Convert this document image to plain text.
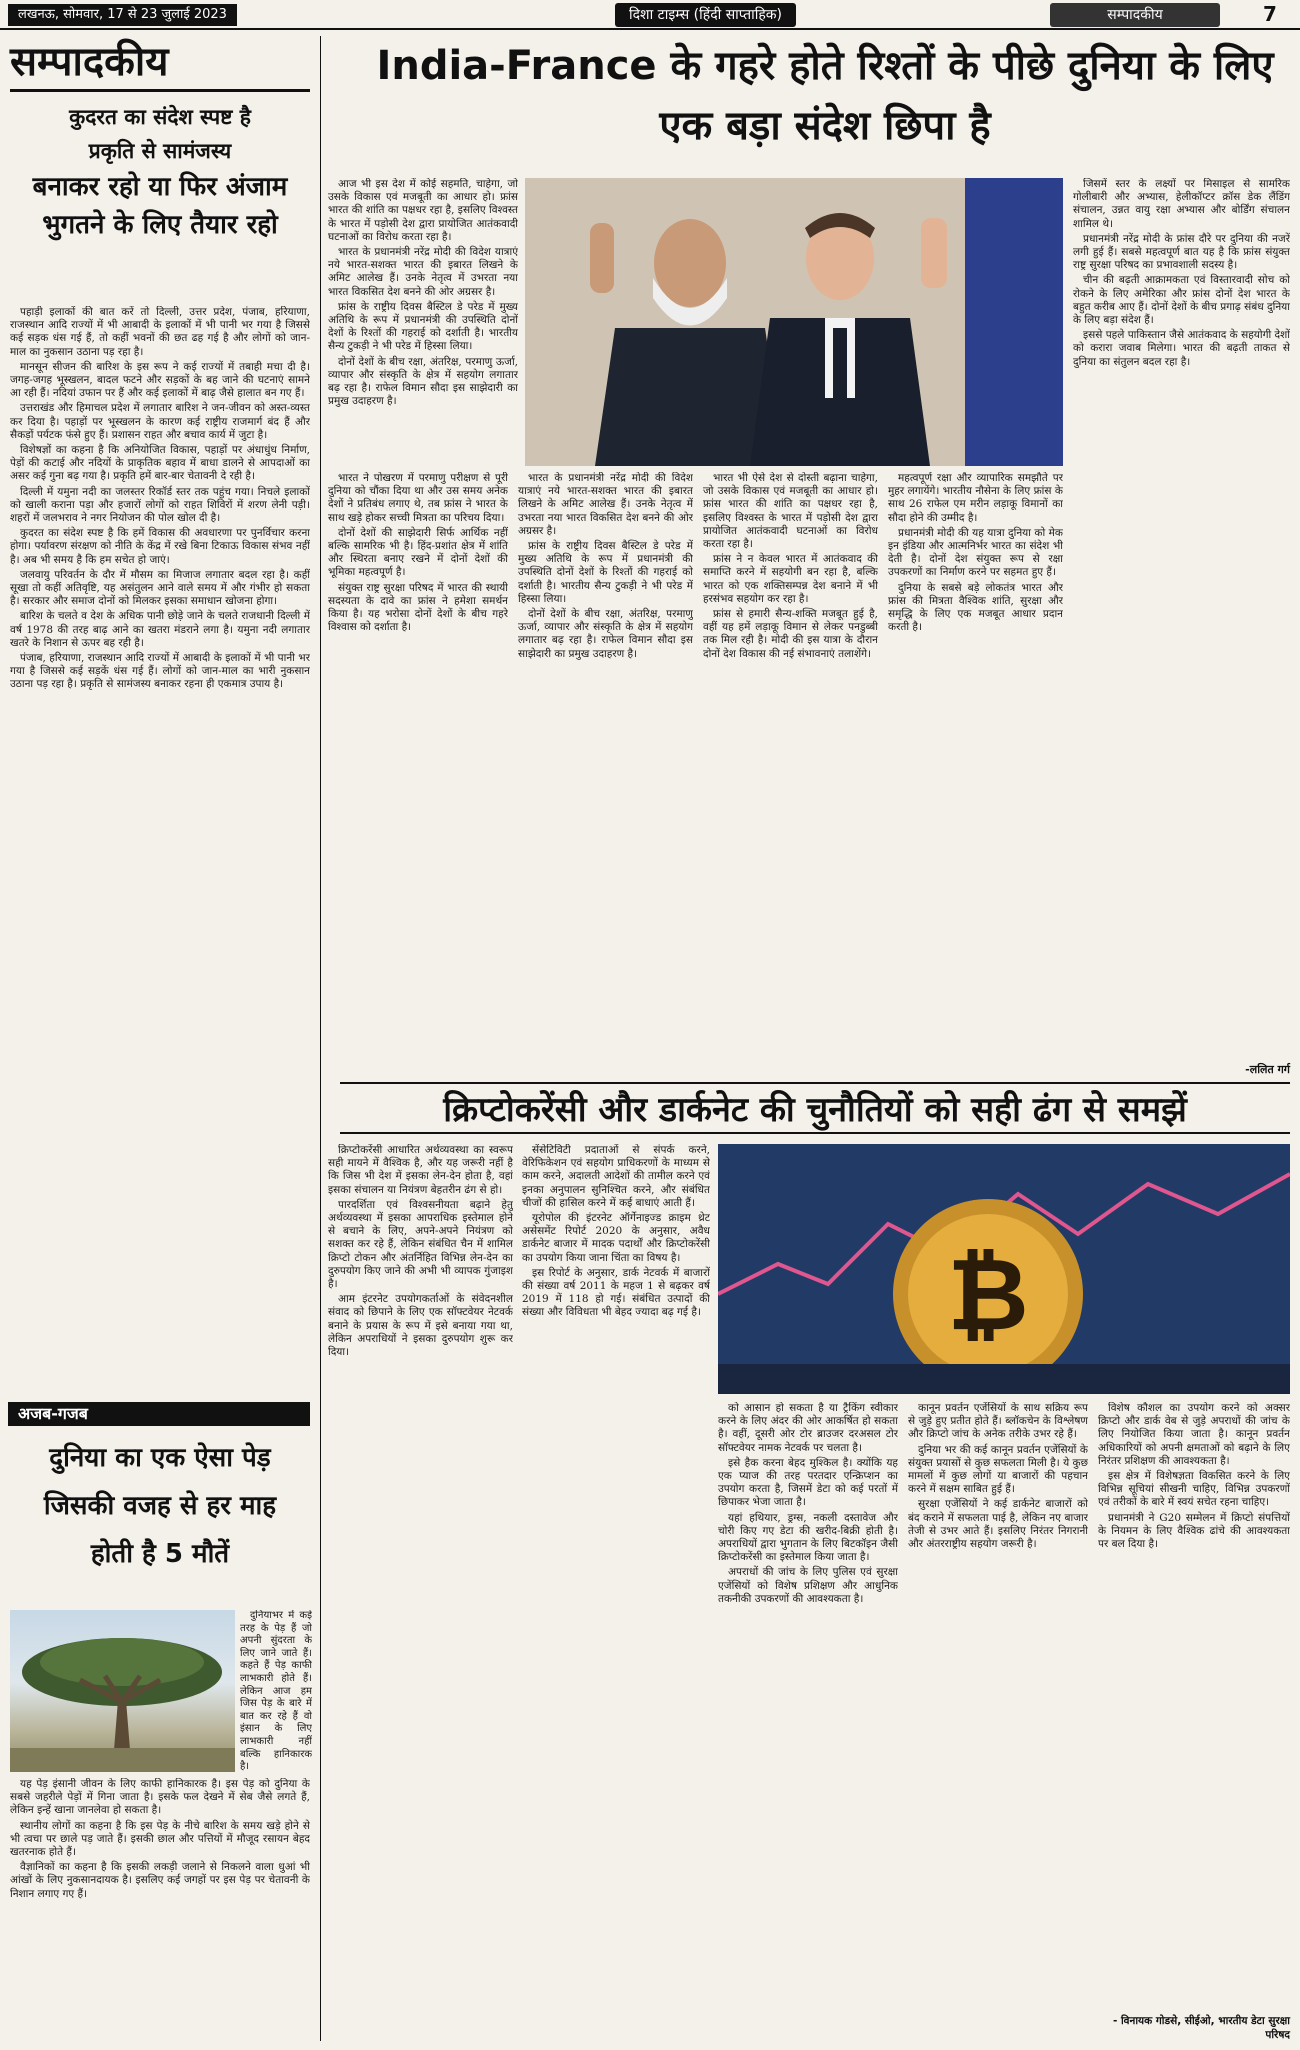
लखनऊ, सोमवार, 17 से 23 जुलाई 2023	दिशा टाइम्स (हिंदी साप्ताहिक)	सम्पादकीय	7
सम्पादकीय
कुदरत का संदेश स्पष्ट है
प्रकृति से सामंजस्य
बनाकर रहो या फिर अंजाम
भुगतने के लिए तैयार रहो

पहाड़ी इलाकों की बात करें तो दिल्ली, उत्तर प्रदेश, पंजाब, हरियाणा, राजस्थान आदि राज्यों में भी आबादी के इलाकों में भी पानी भर गया है जिससे कई सड़क धंस गई हैं, तो कहीं भवनों की छत ढह गई है और लोगों को जान-माल का नुकसान उठाना पड़ रहा है।

मानसून सीजन की बारिश के इस रूप ने कई राज्यों में तबाही मचा दी है। जगह-जगह भूस्खलन, बादल फटने और सड़कों के बह जाने की घटनाएं सामने आ रही हैं। नदियां उफान पर हैं और कई इलाकों में बाढ़ जैसे हालात बन गए हैं।

उत्तराखंड और हिमाचल प्रदेश में लगातार बारिश ने जन-जीवन को अस्त-व्यस्त कर दिया है। पहाड़ों पर भूस्खलन के कारण कई राष्ट्रीय राजमार्ग बंद हैं और सैकड़ों पर्यटक फंसे हुए हैं। प्रशासन राहत और बचाव कार्य में जुटा है।

विशेषज्ञों का कहना है कि अनियोजित विकास, पहाड़ों पर अंधाधुंध निर्माण, पेड़ों की कटाई और नदियों के प्राकृतिक बहाव में बाधा डालने से आपदाओं का असर कई गुना बढ़ गया है। प्रकृति हमें बार-बार चेतावनी दे रही है।

दिल्ली में यमुना नदी का जलस्तर रिकॉर्ड स्तर तक पहुंच गया। निचले इलाकों को खाली कराना पड़ा और हजारों लोगों को राहत शिविरों में शरण लेनी पड़ी। शहरों में जलभराव ने नगर नियोजन की पोल खोल दी है।

कुदरत का संदेश स्पष्ट है कि हमें विकास की अवधारणा पर पुनर्विचार करना होगा। पर्यावरण संरक्षण को नीति के केंद्र में रखे बिना टिकाऊ विकास संभव नहीं है। अब भी समय है कि हम सचेत हो जाएं।

जलवायु परिवर्तन के दौर में मौसम का मिजाज लगातार बदल रहा है। कहीं सूखा तो कहीं अतिवृष्टि, यह असंतुलन आने वाले समय में और गंभीर हो सकता है। सरकार और समाज दोनों को मिलकर इसका समाधान खोजना होगा।

बारिश के चलते व देश के अधिक पानी छोड़े जाने के चलते राजधानी दिल्ली में वर्ष 1978 की तरह बाढ़ आने का खतरा मंडराने लगा है। यमुना नदी लगातार खतरे के निशान से ऊपर बह रही है।

पंजाब, हरियाणा, राजस्थान आदि राज्यों में आबादी के इलाकों में भी पानी भर गया है जिससे कई सड़कें धंस गई हैं। लोगों को जान-माल का भारी नुकसान उठाना पड़ रहा है। प्रकृति से सामंजस्य बनाकर रहना ही एकमात्र उपाय है।

अजब-गजब
दुनिया का एक ऐसा पेड़
जिसकी वजह से हर माह
होती है 5 मौतें

दुनियाभर में कई तरह के पेड़ हैं जो अपनी सुंदरता के लिए जाने जाते हैं। कहते हैं पेड़ काफी लाभकारी होते हैं। लेकिन आज हम जिस पेड़ के बारे में बात कर रहे हैं वो इंसान के लिए लाभकारी नहीं बल्कि हानिकारक है।

यह पेड़ इंसानी जीवन के लिए काफी हानिकारक है। इस पेड़ को दुनिया के सबसे जहरीले पेड़ों में गिना जाता है। इसके फल देखने में सेब जैसे लगते हैं, लेकिन इन्हें खाना जानलेवा हो सकता है।

स्थानीय लोगों का कहना है कि इस पेड़ के नीचे बारिश के समय खड़े होने से भी त्वचा पर छाले पड़ जाते हैं। इसकी छाल और पत्तियों में मौजूद रसायन बेहद खतरनाक होते हैं।

वैज्ञानिकों का कहना है कि इसकी लकड़ी जलाने से निकलने वाला धुआं भी आंखों के लिए नुकसानदायक है। इसलिए कई जगहों पर इस पेड़ पर चेतावनी के निशान लगाए गए हैं।

India-France के गहरे होते रिश्तों के पीछे दुनिया के लिए एक बड़ा संदेश छिपा है

आज भी इस देश में कोई सहमति, चाहेगा, जो उसके विकास एवं मजबूती का आधार हो। फ्रांस भारत की शांति का पक्षधर रहा है, इसलिए विश्वस्त के भारत में पड़ोसी देश द्वारा प्रायोजित आतंकवादी घटनाओं का विरोध करता रहा है।

भारत के प्रधानमंत्री नरेंद्र मोदी की विदेश यात्राएं नये भारत-सशक्त भारत की इबारत लिखने के अमिट आलेख हैं। उनके नेतृत्व में उभरता नया भारत विकसित देश बनने की ओर अग्रसर है।

फ्रांस के राष्ट्रीय दिवस बैस्टिल डे परेड में मुख्य अतिथि के रूप में प्रधानमंत्री की उपस्थिति दोनों देशों के रिश्तों की गहराई को दर्शाती है। भारतीय सैन्य टुकड़ी ने भी परेड में हिस्सा लिया।

दोनों देशों के बीच रक्षा, अंतरिक्ष, परमाणु ऊर्जा, व्यापार और संस्कृति के क्षेत्र में सहयोग लगातार बढ़ रहा है। राफेल विमान सौदा इस साझेदारी का प्रमुख उदाहरण है।

जिसमें स्तर के लक्ष्यों पर मिसाइल से सामरिक गोलीबारी और अभ्यास, हेलीकॉप्टर क्रॉस डेक लैंडिंग संचालन, उन्नत वायु रक्षा अभ्यास और बोर्डिंग संचालन शामिल थे।

प्रधानमंत्री नरेंद्र मोदी के फ्रांस दौरे पर दुनिया की नजरें लगी हुई हैं। सबसे महत्वपूर्ण बात यह है कि फ्रांस संयुक्त राष्ट्र सुरक्षा परिषद का प्रभावशाली सदस्य है।

चीन की बढ़ती आक्रामकता एवं विस्तारवादी सोच को रोकने के लिए अमेरिका और फ्रांस दोनों देश भारत के बहुत करीब आए हैं। दोनों देशों के बीच प्रगाढ़ संबंध दुनिया के लिए बड़ा संदेश हैं।

इससे पहले पाकिस्तान जैसे आतंकवाद के सहयोगी देशों को करारा जवाब मिलेगा। भारत की बढ़ती ताकत से दुनिया का संतुलन बदल रहा है।

भारत ने पोखरण में परमाणु परीक्षण से पूरी दुनिया को चौंका दिया था और उस समय अनेक देशों ने प्रतिबंध लगाए थे, तब फ्रांस ने भारत के साथ खड़े होकर सच्ची मित्रता का परिचय दिया।

दोनों देशों की साझेदारी सिर्फ आर्थिक नहीं बल्कि सामरिक भी है। हिंद-प्रशांत क्षेत्र में शांति और स्थिरता बनाए रखने में दोनों देशों की भूमिका महत्वपूर्ण है।

संयुक्त राष्ट्र सुरक्षा परिषद में भारत की स्थायी सदस्यता के दावे का फ्रांस ने हमेशा समर्थन किया है। यह भरोसा दोनों देशों के बीच गहरे विश्वास को दर्शाता है।

भारत के प्रधानमंत्री नरेंद्र मोदी की विदेश यात्राएं नये भारत-सशक्त भारत की इबारत लिखने के अमिट आलेख हैं। उनके नेतृत्व में उभरता नया भारत विकसित देश बनने की ओर अग्रसर है।

फ्रांस के राष्ट्रीय दिवस बैस्टिल डे परेड में मुख्य अतिथि के रूप में प्रधानमंत्री की उपस्थिति दोनों देशों के रिश्तों की गहराई को दर्शाती है। भारतीय सैन्य टुकड़ी ने भी परेड में हिस्सा लिया।

दोनों देशों के बीच रक्षा, अंतरिक्ष, परमाणु ऊर्जा, व्यापार और संस्कृति के क्षेत्र में सहयोग लगातार बढ़ रहा है। राफेल विमान सौदा इस साझेदारी का प्रमुख उदाहरण है।

भारत भी ऐसे देश से दोस्ती बढ़ाना चाहेगा, जो उसके विकास एवं मजबूती का आधार हो। फ्रांस भारत की शांति का पक्षधर रहा है, इसलिए विश्वस्त के भारत में पड़ोसी देश द्वारा प्रायोजित आतंकवादी घटनाओं का विरोध करता रहा है।

फ्रांस ने न केवल भारत में आतंकवाद की समाप्ति करने में सहयोगी बन रहा है, बल्कि भारत को एक शक्तिसम्पन्न देश बनाने में भी हरसंभव सहयोग कर रहा है।

फ्रांस से हमारी सैन्य-शक्ति मजबूत हुई है, वहीं यह हमें लड़ाकू विमान से लेकर पनडुब्बी तक मिल रही है। मोदी की इस यात्रा के दौरान दोनों देश विकास की नई संभावनाएं तलाशेंगे।

महत्वपूर्ण रक्षा और व्यापारिक समझौते पर मुहर लगायेंगे। भारतीय नौसेना के लिए फ्रांस के साथ 26 राफेल एम मरीन लड़ाकू विमानों का सौदा होने की उम्मीद है।

प्रधानमंत्री मोदी की यह यात्रा दुनिया को मेक इन इंडिया और आत्मनिर्भर भारत का संदेश भी देती है। दोनों देश संयुक्त रूप से रक्षा उपकरणों का निर्माण करने पर सहमत हुए हैं।

दुनिया के सबसे बड़े लोकतंत्र भारत और फ्रांस की मित्रता वैश्विक शांति, सुरक्षा और समृद्धि के लिए एक मजबूत आधार प्रदान करती है।

-ललित गर्ग
क्रिप्टोकरेंसी और डार्कनेट की चुनौतियों को सही ढंग से समझें

क्रिप्टोकरेंसी आधारित अर्थव्यवस्था का स्वरूप सही मायने में वैश्विक है, और यह जरूरी नहीं है कि जिस भी देश में इसका लेन-देन होता है, वहां इसका संचालन या नियंत्रण बेहतरीन ढंग से हो।

पारदर्शिता एवं विश्वसनीयता बढ़ाने हेतु अर्थव्यवस्था में इसका आपराधिक इस्तेमाल होने से बचाने के लिए, अपने-अपने नियंत्रण को सशक्त कर रहे हैं, लेकिन संबंधित चैन में शामिल क्रिप्टो टोकन और अंतर्निहित विभिन्न लेन-देन का दुरुपयोग किए जाने की अभी भी व्यापक गुंजाइश है।

आम इंटरनेट उपयोगकर्ताओं के संवेदनशील संवाद को छिपाने के लिए एक सॉफ्टवेयर नेटवर्क बनाने के प्रयास के रूप में इसे बनाया गया था, लेकिन अपराधियों ने इसका दुरुपयोग शुरू कर दिया।

सेंसेटिविटी प्रदाताओं से संपर्क करने, वेरिफिकेशन एवं सहयोग प्राधिकरणों के माध्यम से काम करने, अदालती आदेशों की तामील करने एवं इनका अनुपालन सुनिश्चित करने, और संबंधित चीजों की हासिल करने में कई बाधाएं आती हैं।

यूरोपोल की इंटरनेट ऑर्गेनाइज्ड क्राइम थ्रेट असेसमेंट रिपोर्ट 2020 के अनुसार, अवैध डार्कनेट बाजार में मादक पदार्थों और क्रिप्टोकरेंसी का उपयोग किया जाना चिंता का विषय है।

इस रिपोर्ट के अनुसार, डार्क नेटवर्क में बाजारों की संख्या वर्ष 2011 के महज 1 से बढ़कर वर्ष 2019 में 118 हो गई। संबंधित उत्पादों की संख्या और विविधता भी बेहद ज्यादा बढ़ गई है। ₿

को आसान हो सकता है या ट्रैकिंग स्वीकार करने के लिए अंदर की ओर आकर्षित हो सकता है। वहीं, दूसरी ओर टोर ब्राउजर दरअसल टोर सॉफ्टवेयर नामक नेटवर्क पर चलता है।

इसे हैक करना बेहद मुश्किल है। क्योंकि यह एक प्याज की तरह परतदार एन्क्रिप्शन का उपयोग करता है, जिसमें डेटा को कई परतों में छिपाकर भेजा जाता है।

यहां हथियार, ड्रग्स, नकली दस्तावेज और चोरी किए गए डेटा की खरीद-बिक्री होती है। अपराधियों द्वारा भुगतान के लिए बिटकॉइन जैसी क्रिप्टोकरेंसी का इस्तेमाल किया जाता है।

अपराधों की जांच के लिए पुलिस एवं सुरक्षा एजेंसियों को विशेष प्रशिक्षण और आधुनिक तकनीकी उपकरणों की आवश्यकता है।

कानून प्रवर्तन एजेंसियों के साथ सक्रिय रूप से जुड़े हुए प्रतीत होते हैं। ब्लॉकचेन के विश्लेषण और क्रिप्टो जांच के अनेक तरीके उभर रहे हैं।

दुनिया भर की कई कानून प्रवर्तन एजेंसियों के संयुक्त प्रयासों से कुछ सफलता मिली है। ये कुछ मामलों में कुछ लोगों या बाजारों की पहचान करने में सक्षम साबित हुई हैं।

सुरक्षा एजेंसियों ने कई डार्कनेट बाजारों को बंद कराने में सफलता पाई है, लेकिन नए बाजार तेजी से उभर आते हैं। इसलिए निरंतर निगरानी और अंतरराष्ट्रीय सहयोग जरूरी है।

विशेष कौशल का उपयोग करने को अक्सर क्रिप्टो और डार्क वेब से जुड़े अपराधों की जांच के लिए नियोजित किया जाता है। कानून प्रवर्तन अधिकारियों को अपनी क्षमताओं को बढ़ाने के लिए निरंतर प्रशिक्षण की आवश्यकता है।

इस क्षेत्र में विशेषज्ञता विकसित करने के लिए विभिन्न सूचियां सीखनी चाहिए, विभिन्न उपकरणों एवं तरीकों के बारे में स्वयं सचेत रहना चाहिए।

प्रधानमंत्री ने G20 सम्मेलन में क्रिप्टो संपत्तियों के नियमन के लिए वैश्विक ढांचे की आवश्यकता पर बल दिया है।

- विनायक गोडसे, सीईओ, भारतीय डेटा सुरक्षा परिषद
